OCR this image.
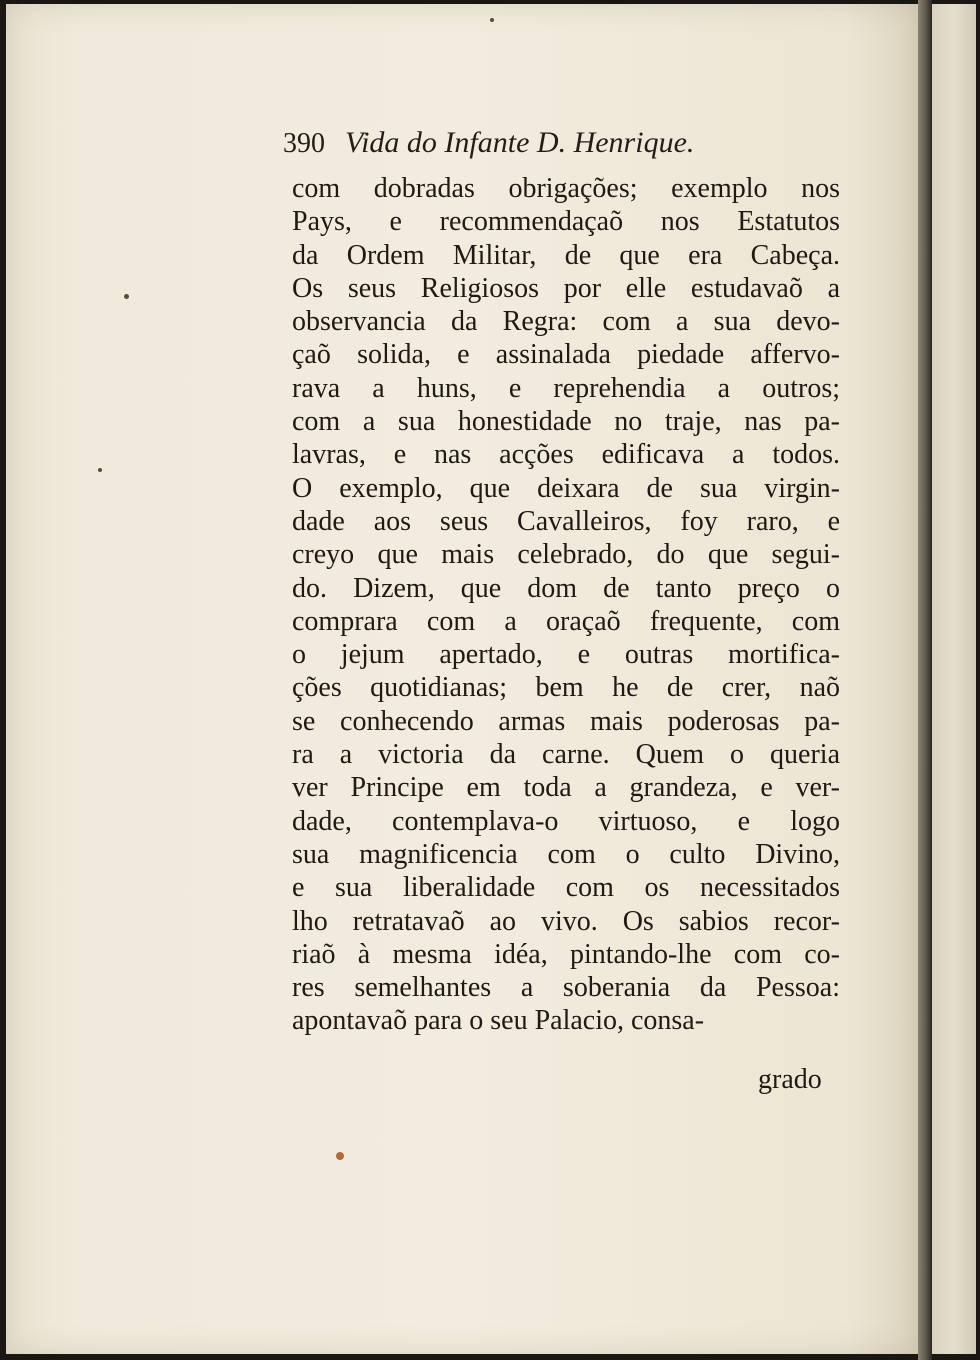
390 Vida do Infante D. Henrique.
com dobradas obrigações; exemplo nos
Pays, e recommendaçaõ nos Estatutos
da Ordem Militar, de que era Cabeça.
Os seus Religiosos por elle estudavaõ a
observancia da Regra: com a sua devo-
çaõ solida, e assinalada piedade affervo-
rava a huns, e reprehendia a outros;
com a sua honestidade no traje, nas pa-
lavras, e nas acções edificava a todos.
O exemplo, que deixara de sua virgin-
dade aos seus Cavalleiros, foy raro, e
creyo que mais celebrado, do que segui-
do. Dizem, que dom de tanto preço o
comprara com a oraçaõ frequente, com
o jejum apertado, e outras mortifica-
ções quotidianas; bem he de crer, naõ
se conhecendo armas mais poderosas pa-
ra a victoria da carne. Quem o queria
ver Principe em toda a grandeza, e ver-
dade, contemplava-o virtuoso, e logo
sua magnificencia com o culto Divino,
e sua liberalidade com os necessitados
lho retratavaõ ao vivo. Os sabios recor-
riaõ à mesma idéa, pintando-lhe com co-
res semelhantes a soberania da Pessoa:
apontavaõ para o seu Palacio, consa-
grado
